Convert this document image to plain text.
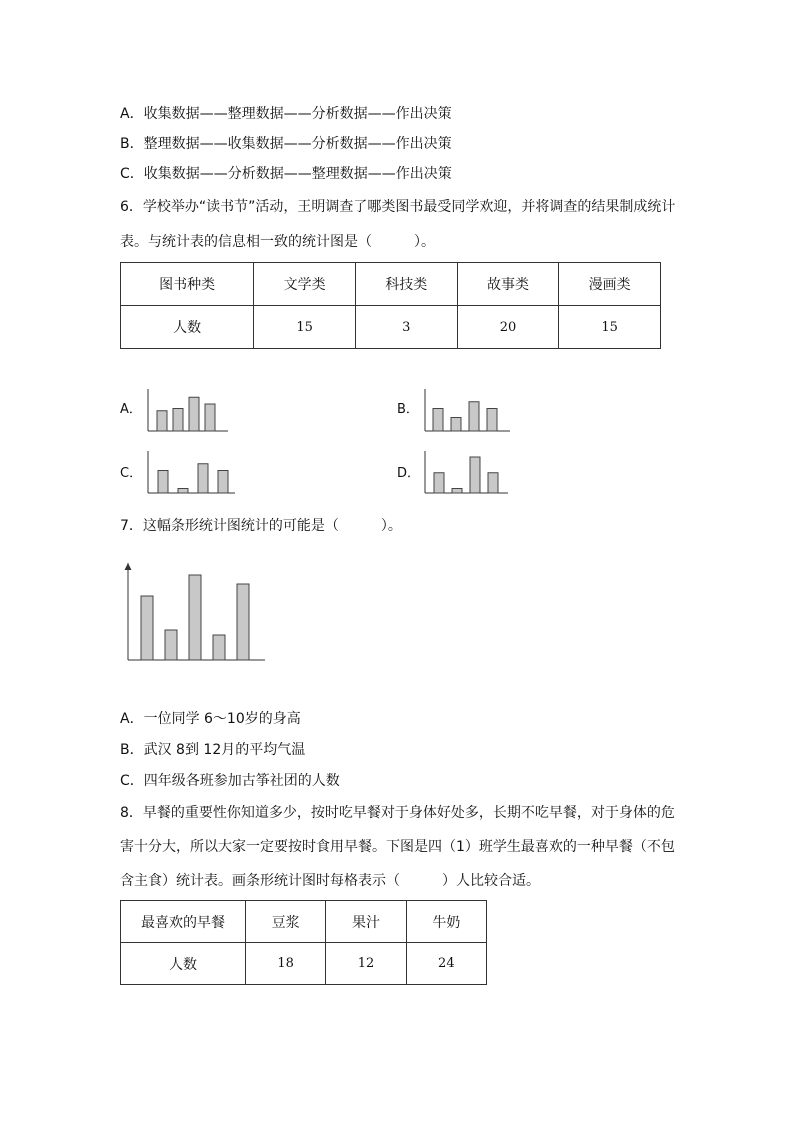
A．收集数据——整理数据——分析数据——作出决策
B．整理数据——收集数据——分析数据——作出决策
C．收集数据——分析数据——整理数据——作出决策
6．学校举办“读书节”活动，王明调查了哪类图书最受同学欢迎，并将调查的结果制成统计
表。与统计表的信息相一致的统计图是（　　　）。
图书种类	文学类	科技类	故事类	漫画类
人数	15	3	20	15
A．	B．
C．	D．
7．这幅条形统计图统计的可能是（　　　）。
A．一位同学 6～10岁的身高
B．武汉 8到 12月的平均气温
C．四年级各班参加古筝社团的人数
8．早餐的重要性你知道多少，按时吃早餐对于身体好处多，长期不吃早餐，对于身体的危
害十分大，所以大家一定要按时食用早餐。下图是四（1）班学生最喜欢的一种早餐（不包
含主食）统计表。画条形统计图时每格表示（　　　）人比较合适。
最喜欢的早餐	豆浆	果汁	牛奶
人数	18	12	24
